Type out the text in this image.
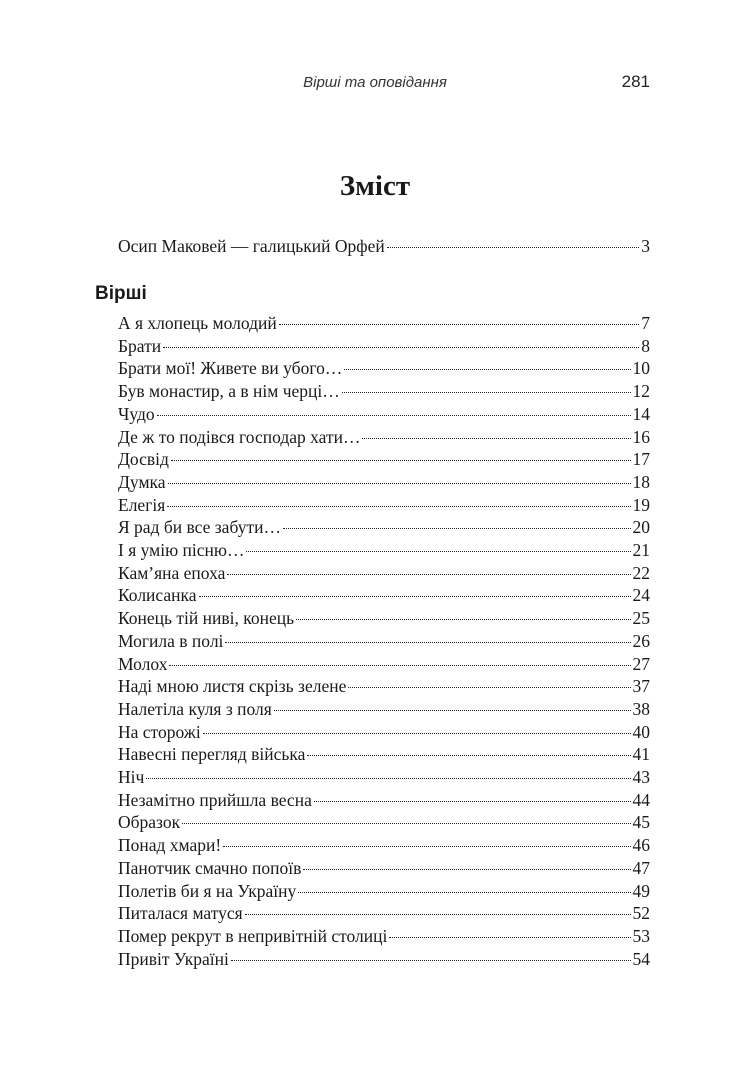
Вірші та оповідання	281
Зміст
Осип Маковей — галицький Орфей	3
Вірші
А я хлопець молодий	7
Брати	8
Брати мої! Живете ви убого…	10
Був монастир, а в нім черці…	12
Чудо	14
Де ж то подівся господар хати…	16
Досвід	17
Думка	18
Елегія	19
Я рад би все забути…	20
І я умію пісню…	21
Кам’яна епоха	22
Колисанка	24
Конець тій ниві, конець	25
Могила в полі	26
Молох	27
Наді мною листя скрізь зелене	37
Налетіла куля з поля	38
На сторожі	40
Навесні перегляд війська	41
Ніч	43
Незамітно прийшла весна	44
Образок	45
Понад хмари!	46
Панотчик смачно попоїв	47
Полетів би я на Україну	49
Питалася матуся	52
Помер рекрут в непривітній столиці	53
Привіт Україні	54
